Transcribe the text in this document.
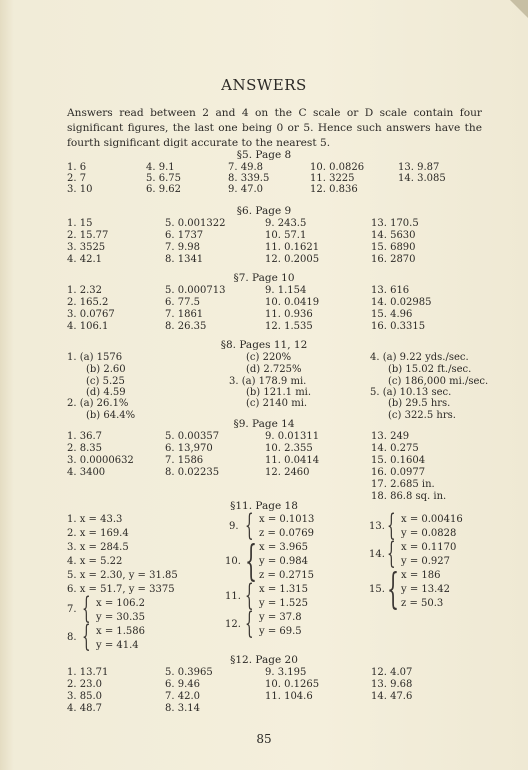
ANSWERS
Answers read between 2 and 4 on the C scale or D scale contain four significant figures, the last one being 0 or 5. Hence such answers have the fourth significant digit accurate to the nearest 5.
§5. Page 8
1. 6
2. 7
3. 10
4. 9.1
5. 6.75
6. 9.62
7. 49.8
8. 339.5
9. 47.0
10. 0.0826
11. 3225
12. 0.836
13. 9.87
14. 3.085
§6. Page 9
1. 15
2. 15.77
3. 3525
4. 42.1
5. 0.001322
6. 1737
7. 9.98
8. 1341
9. 243.5
10. 57.1
11. 0.1621
12. 0.2005
13. 170.5
14. 5630
15. 6890
16. 2870
§7. Page 10
1. 2.32
2. 165.2
3. 0.0767
4. 106.1
5. 0.000713
6. 77.5
7. 1861
8. 26.35
9. 1.154
10. 0.0419
11. 0.936
12. 1.535
13. 616
14. 0.02985
15. 4.96
16. 0.3315
§8. Pages 11, 12
1. (a) 1576
(b) 2.60
(c) 5.25
(d) 4.59
2. (a) 26.1%
(b) 64.4%
(c) 220%
(d) 2.725%
3. (a) 178.9 mi.
(b) 121.1 mi.
(c) 2140 mi.
4. (a) 9.22 yds./sec.
(b) 15.02 ft./sec.
(c) 186,000 mi./sec.
5. (a) 10.13 sec.
(b) 29.5 hrs.
(c) 322.5 hrs.
§9. Page 14
1. 36.7
2. 8.35
3. 0.0000632
4. 3400
5. 0.00357
6. 13,970
7. 1586
8. 0.02235
9. 0.01311
10. 2.355
11. 0.0414
12. 2460
13. 249
14. 0.275
15. 0.1604
16. 0.0977
17. 2.685 in.
18. 86.8 sq. in.
§11. Page 18
1. x = 43.3
2. x = 169.4
3. x = 284.5
4. x = 5.22
5. x = 2.30, y = 31.85
6. x = 51.7, y = 3375
7. { x = 106.2
y = 30.35
8. { x = 1.586
y = 41.4
9. { x = 0.1013
z = 0.0769
10. { x = 3.965
y = 0.984
z = 0.2715
11. { x = 1.315
y = 1.525
12. { y = 37.8
y = 69.5
13. { x = 0.00416
y = 0.0828
14. { x = 0.1170
y = 0.927
15. { x = 186
y = 13.42
z = 50.3
§12. Page 20
1. 13.71
2. 23.0
3. 85.0
4. 48.7
5. 0.3965
6. 9.46
7. 42.0
8. 3.14
9. 3.195
10. 0.1265
11. 104.6
12. 4.07
13. 9.68
14. 47.6
85
